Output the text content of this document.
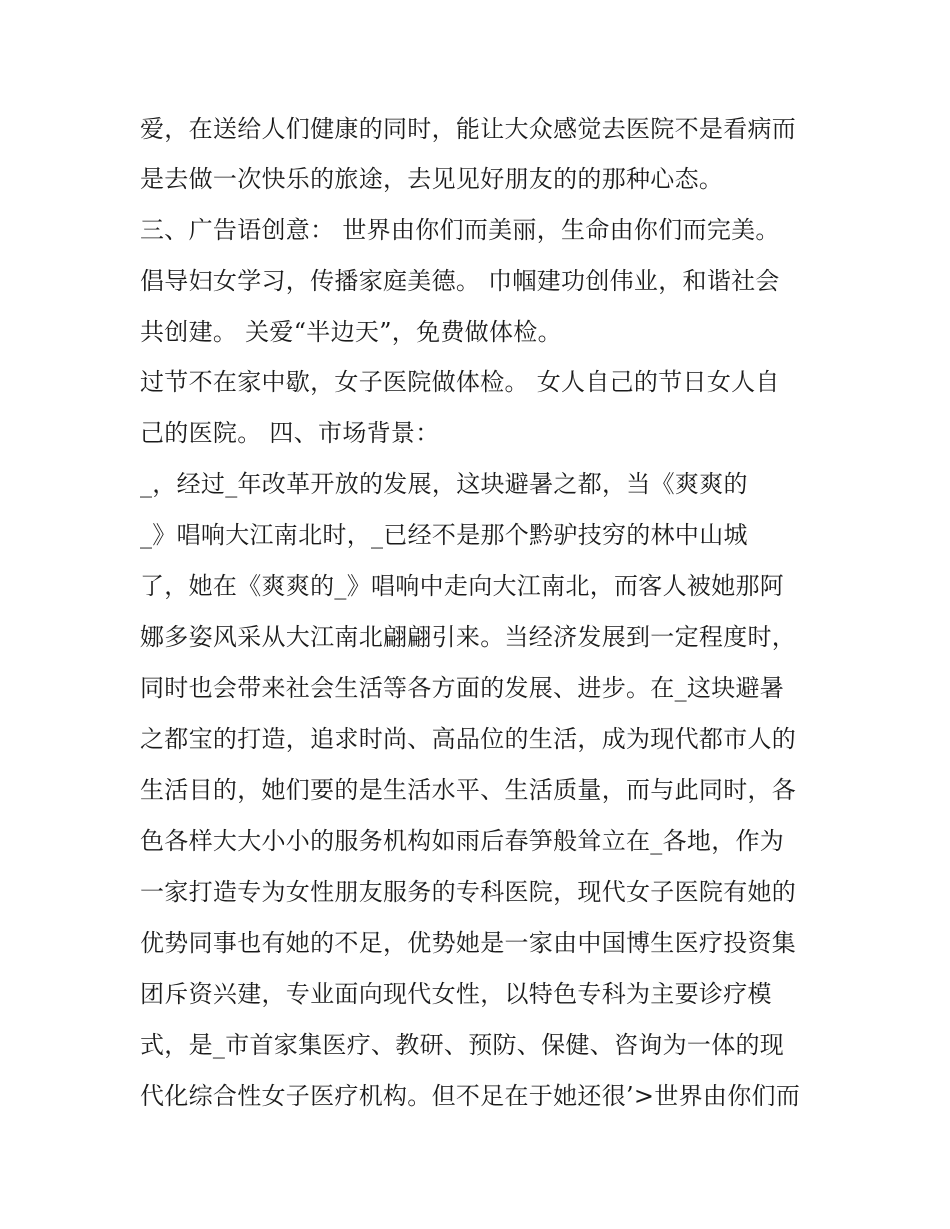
爱，在送给人们健康的同时，能让大众感觉去医院不是看病而
是去做一次快乐的旅途，去见见好朋友的的那种心态。
三、广告语创意： 世界由你们而美丽，生命由你们而完美。
倡导妇女学习，传播家庭美德。 巾帼建功创伟业，和谐社会
共创建。 关爱“半边天”，免费做体检。
过节不在家中歇，女子医院做体检。 女人自己的节日女人自
己的医院。 四、市场背景：
_，经过_年改革开放的发展，这块避暑之都，当《爽爽的
_》唱响大江南北时，_已经不是那个黔驴技穷的林中山城
了，她在《爽爽的_》唱响中走向大江南北，而客人被她那阿
娜多姿风采从大江南北翩翩引来。当经济发展到一定程度时，
同时也会带来社会生活等各方面的发展、进步。在_这块避暑
之都宝的打造，追求时尚、高品位的生活，成为现代都市人的
生活目的，她们要的是生活水平、生活质量，而与此同时，各
色各样大大小小的服务机构如雨后春笋般耸立在_各地，作为
一家打造专为女性朋友服务的专科医院，现代女子医院有她的
优势同事也有她的不足，优势她是一家由中国博生医疗投资集
团斥资兴建，专业面向现代女性，以特色专科为主要诊疗模
式，是_市首家集医疗、教研、预防、保健、咨询为一体的现
代化综合性女子医疗机构。但不足在于她还很’>世界由你们而
